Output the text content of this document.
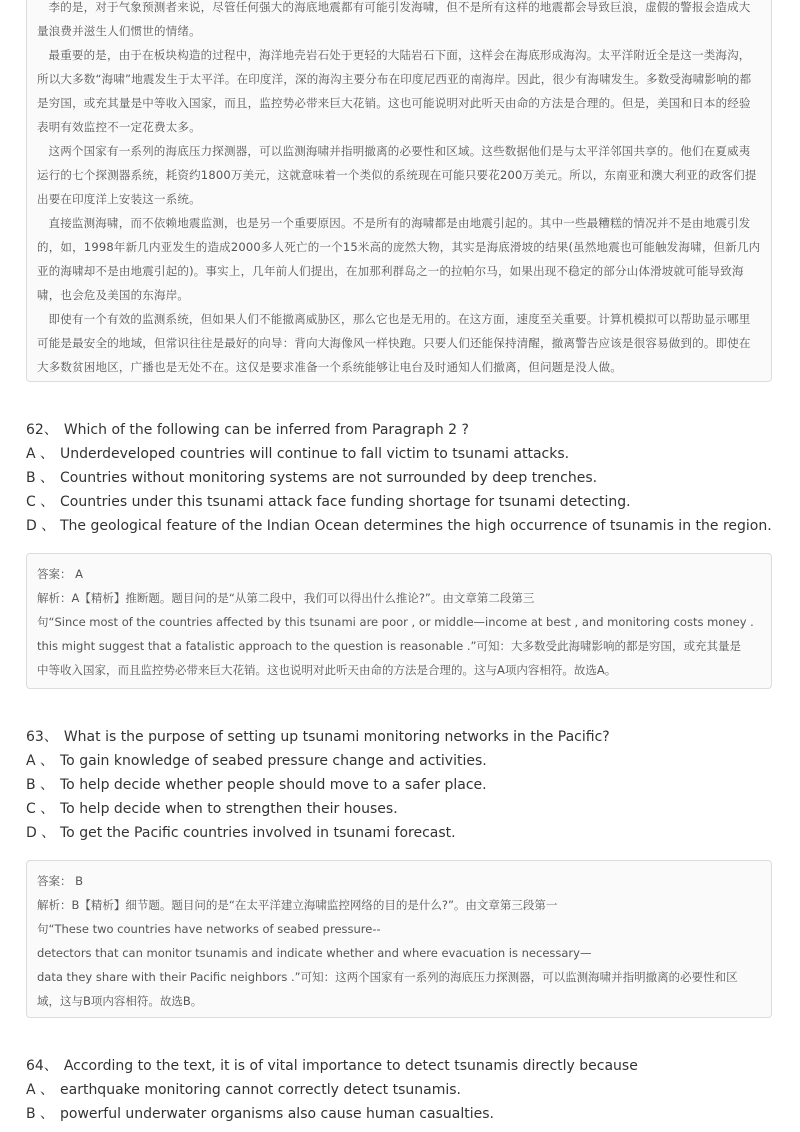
李的是，对于气象预测者来说，尽管任何强大的海底地震都有可能引发海啸，但不是所有这样的地震都会导致巨浪，虚假的警报会造成大量浪费并滋生人们惯世的情绪。

最重要的是，由于在板块构造的过程中，海洋地壳岩石处于更轻的大陆岩石下面，这样会在海底形成海沟。太平洋附近全是这一类海沟，所以大多数“海啸”地震发生于太平洋。在印度洋，深的海沟主要分布在印度尼西亚的南海岸。因此，很少有海啸发生。多数受海啸影响的都是穷国，或充其量是中等收入国家，而且，监控势必带来巨大花销。这也可能说明对此听天由命的方法是合理的。但是，美国和日本的经验表明有效监控不一定花费太多。

这两个国家有一系列的海底压力探测器，可以监测海啸并指明撤离的必要性和区域。这些数据他们是与太平洋邻国共享的。他们在夏威夷运行的七个探测器系统，耗资约1800万美元，这就意味着一个类似的系统现在可能只要花200万美元。所以，东南亚和澳大利亚的政客们提出要在印度洋上安装这一系统。

直接监测海啸，而不依赖地震监测，也是另一个重要原因。不是所有的海啸都是由地震引起的。其中一些最糟糕的情况并不是由地震引发的，如，1998年新几内亚发生的造成2000多人死亡的一个15米高的庞然大物，其实是海底滑坡的结果(虽然地震也可能触发海啸，但新几内亚的海啸却不是由地震引起的)。事实上，几年前人们提出，在加那利群岛之一的拉帕尔马，如果出现不稳定的部分山体滑坡就可能导致海啸，也会危及美国的东海岸。

即使有一个有效的监测系统，但如果人们不能撤离威胁区，那么它也是无用的。在这方面，速度至关重要。计算机模拟可以帮助显示哪里可能是最安全的地域，但常识往往是最好的向导：背向大海像风一样快跑。只要人们还能保持清醒，撤离警告应该是很容易做到的。即使在大多数贫困地区，广播也是无处不在。这仅是要求准备一个系统能够让电台及时通知人们撤离，但问题是没人做。

62、 Which of the following can be inferred from Paragraph 2 ?
A 、 Underdeveloped countries will continue to fall victim to tsunami attacks.
B 、 Countries without monitoring systems are not surrounded by deep trenches.
C 、 Countries under this tsunami attack face funding shortage for tsunami detecting.
D 、 The geological feature of the Indian Ocean determines the high occurrence of tsunamis in the region.
答案： A
解析：A【精析】推断题。题目问的是“从第二段中，我们可以得出什么推论?”。由文章第二段第三
句“Since most of the countries affected by this tsunami are poor , or middle—income at best , and monitoring costs money .
this might suggest that a fatalistic approach to the question is reasonable .”可知：大多数受此海啸影响的都是穷国，或充其量是
中等收入国家，而且监控势必带来巨大花销。这也说明对此听天由命的方法是合理的。这与A项内容相符。故选A。
63、 What is the purpose of setting up tsunami monitoring networks in the Pacific?
A 、 To gain knowledge of seabed pressure change and activities.
B 、 To help decide whether people should move to a safer place.
C 、 To help decide when to strengthen their houses.
D 、 To get the Pacific countries involved in tsunami forecast.
答案： B
解析：B【精析】细节题。题目问的是“在太平洋建立海啸监控网络的目的是什么?”。由文章第三段第一
句“These two countries have networks of seabed pressure--
detectors that can monitor tsunamis and indicate whether and where evacuation is necessary—
data they share with their Pacific neighbors .”可知：这两个国家有一系列的海底压力探测器，可以监测海啸并指明撤离的必要性和区
域，这与B项内容相符。故选B。
64、 According to the text, it is of vital importance to detect tsunamis directly because
A 、 earthquake monitoring cannot correctly detect tsunamis.
B 、 powerful underwater organisms also cause human casualties.
